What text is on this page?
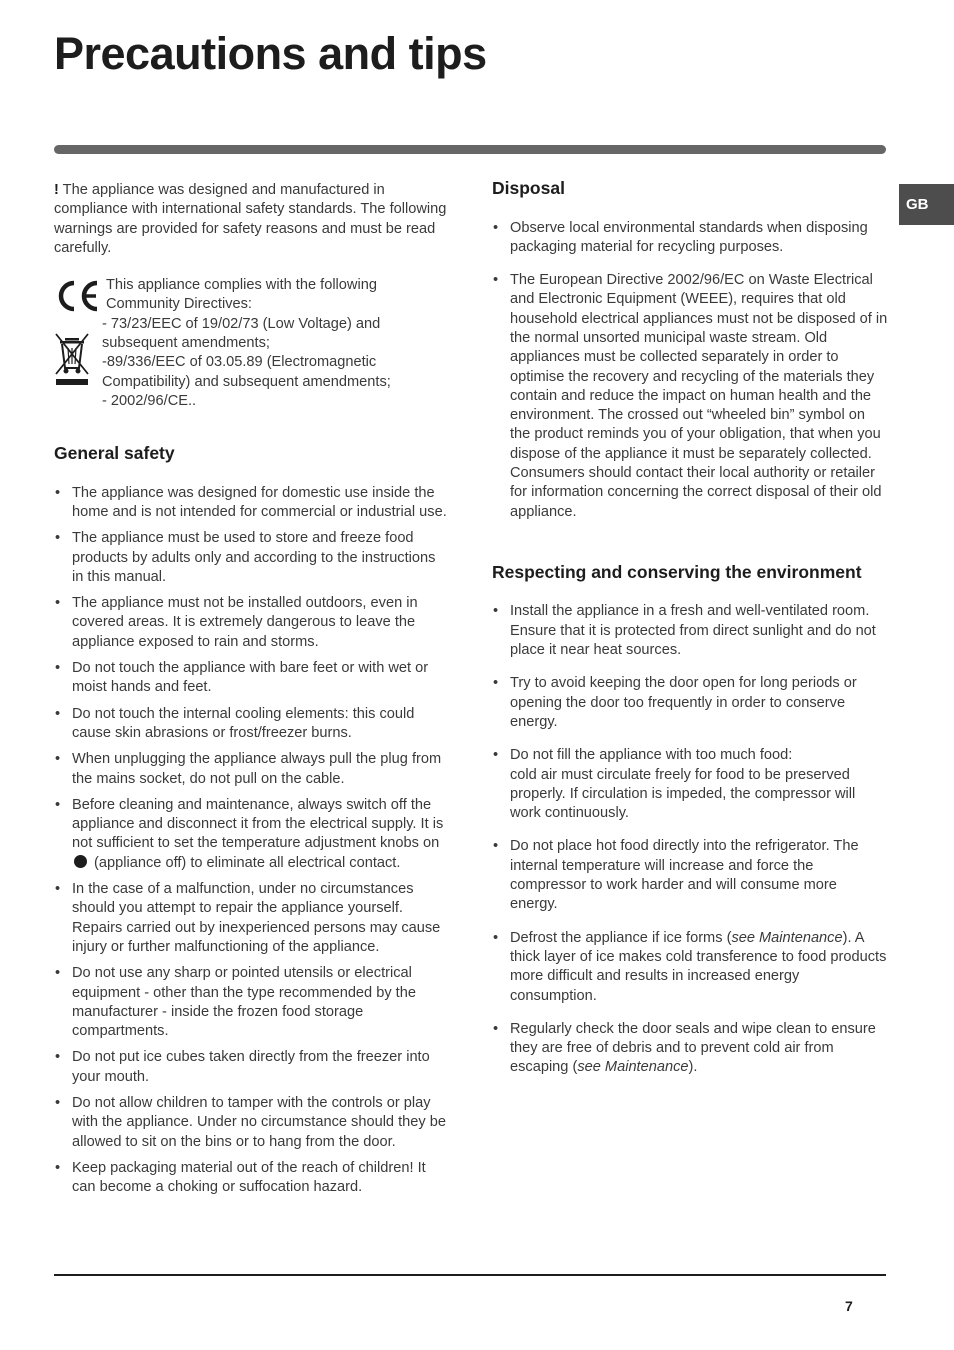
Precautions and tips
GB

! The appliance was designed and manufactured in compliance with international safety standards. The following warnings are provided for safety reasons and must be read carefully.

This appliance complies with the following
Community Directives:
- 73/23/EEC of 19/02/73 (Low Voltage) and
subsequent amendments;
-89/336/EEC of 03.05.89 (Electromagnetic
Compatibility) and subsequent amendments;
- 2002/96/CE..
General safety
• The appliance was designed for domestic use inside the home and is not intended for commercial or industrial use.
• The appliance must be used to store and freeze food products by adults only and according to the instructions in this manual.
• The appliance must not be installed outdoors, even in covered areas. It is extremely dangerous to leave the appliance exposed to rain and storms.
• Do not touch the appliance with bare feet or with wet or moist hands and feet.
• Do not touch the internal cooling elements: this could cause skin abrasions or frost/freezer burns.
• When unplugging the appliance always pull the plug from the mains socket, do not pull on the cable.
• Before cleaning and maintenance, always switch off the appliance and disconnect it from the electrical supply. It is not sufficient to set the temperature adjustment knobs on  (appliance off) to eliminate all electrical contact.
• In the case of a malfunction, under no circumstances should you attempt to repair the appliance yourself. Repairs carried out by inexperienced persons may cause injury or further malfunctioning of the appliance.
• Do not use any sharp or pointed utensils or electrical equipment - other than the type recommended by the manufacturer - inside the frozen food storage compartments.
• Do not put ice cubes taken directly from the freezer into your mouth.
• Do not allow children to tamper with the controls or play with the appliance. Under no circumstance should they be allowed to sit on the bins or to hang from the door.
• Keep packaging material out of the reach of children! It can become a choking or suffocation hazard.
Disposal
• Observe local environmental standards when disposing packaging material for recycling purposes.
• The European Directive 2002/96/EC on Waste Electrical and Electronic Equipment (WEEE), requires that old household electrical appliances must not be disposed of in the normal unsorted municipal waste stream. Old appliances must be collected separately in order to optimise the recovery and recycling of the materials they contain and reduce the impact on human health and the environment. The crossed out “wheeled bin” symbol on the product reminds you of your obligation, that when you dispose of the appliance it must be separately collected.
Consumers should contact their local authority or retailer for information concerning the correct disposal of their old appliance.
Respecting and conserving the environment
• Install the appliance in a fresh and well-ventilated room. Ensure that it is protected from direct sunlight and do not place it near heat sources.
• Try to avoid keeping the door open for long periods or opening the door too frequently in order to conserve energy.
• Do not fill the appliance with too much food:
cold air must circulate freely for food to be preserved properly. If circulation is impeded, the compressor will work continuously.
• Do not place hot food directly into the refrigerator. The internal temperature will increase and force the compressor to work harder and will consume more energy.
• Defrost the appliance if ice forms (see Maintenance). A thick layer of ice makes cold transference to food products more difficult and results in increased energy consumption.
• Regularly check the door seals and wipe clean to ensure they are free of debris and to prevent cold air from escaping (see Maintenance).
7
